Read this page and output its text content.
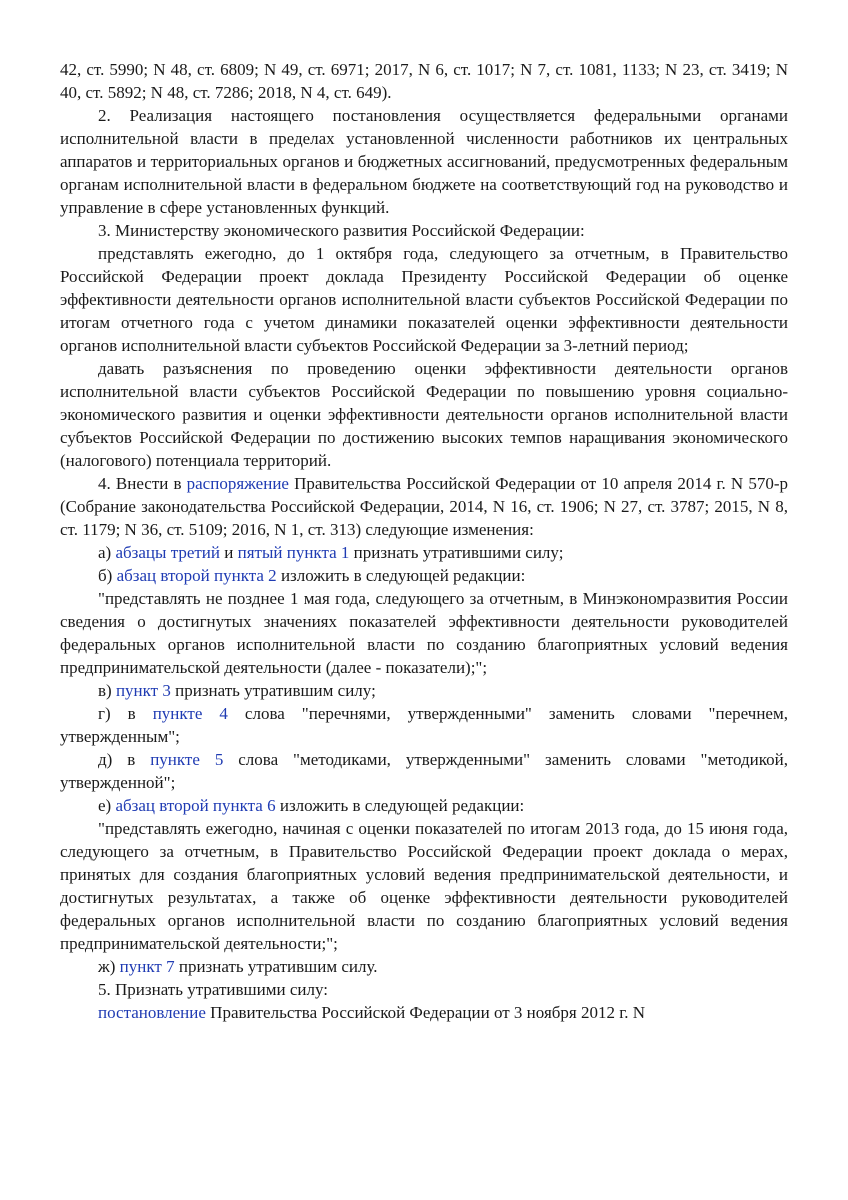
42, ст. 5990; N 48, ст. 6809; N 49, ст. 6971; 2017, N 6, ст. 1017; N 7, ст. 1081, 1133; N 23, ст. 3419; N 40, ст. 5892; N 48, ст. 7286; 2018, N 4, ст. 649).

2. Реализация настоящего постановления осуществляется федеральными органами исполнительной власти в пределах установленной численности работников их центральных аппаратов и территориальных органов и бюджетных ассигнований, предусмотренных федеральным органам исполнительной власти в федеральном бюджете на соответствующий год на руководство и управление в сфере установленных функций.

3. Министерству экономического развития Российской Федерации:

представлять ежегодно, до 1 октября года, следующего за отчетным, в Правительство Российской Федерации проект доклада Президенту Российской Федерации об оценке эффективности деятельности органов исполнительной власти субъектов Российской Федерации по итогам отчетного года с учетом динамики показателей оценки эффективности деятельности органов исполнительной власти субъектов Российской Федерации за 3-летний период;

давать разъяснения по проведению оценки эффективности деятельности органов исполнительной власти субъектов Российской Федерации по повышению уровня социально-экономического развития и оценки эффективности деятельности органов исполнительной власти субъектов Российской Федерации по достижению высоких темпов наращивания экономического (налогового) потенциала территорий.

4. Внести в распоряжение Правительства Российской Федерации от 10 апреля 2014 г. N 570-р (Собрание законодательства Российской Федерации, 2014, N 16, ст. 1906; N 27, ст. 3787; 2015, N 8, ст. 1179; N 36, ст. 5109; 2016, N 1, ст. 313) следующие изменения:

а) абзацы третий и пятый пункта 1 признать утратившими силу;

б) абзац второй пункта 2 изложить в следующей редакции:

"представлять не позднее 1 мая года, следующего за отчетным, в Минэкономразвития России сведения о достигнутых значениях показателей эффективности деятельности руководителей федеральных органов исполнительной власти по созданию благоприятных условий ведения предпринимательской деятельности (далее - показатели);";

в) пункт 3 признать утратившим силу;

г) в пункте 4 слова "перечнями, утвержденными" заменить словами "перечнем, утвержденным";

д) в пункте 5 слова "методиками, утвержденными" заменить словами "методикой, утвержденной";

е) абзац второй пункта 6 изложить в следующей редакции:

"представлять ежегодно, начиная с оценки показателей по итогам 2013 года, до 15 июня года, следующего за отчетным, в Правительство Российской Федерации проект доклада о мерах, принятых для создания благоприятных условий ведения предпринимательской деятельности, и достигнутых результатах, а также об оценке эффективности деятельности руководителей федеральных органов исполнительной власти по созданию благоприятных условий ведения предпринимательской деятельности;";

ж) пункт 7 признать утратившим силу.

5. Признать утратившими силу:

постановление Правительства Российской Федерации от 3 ноября 2012 г. N
